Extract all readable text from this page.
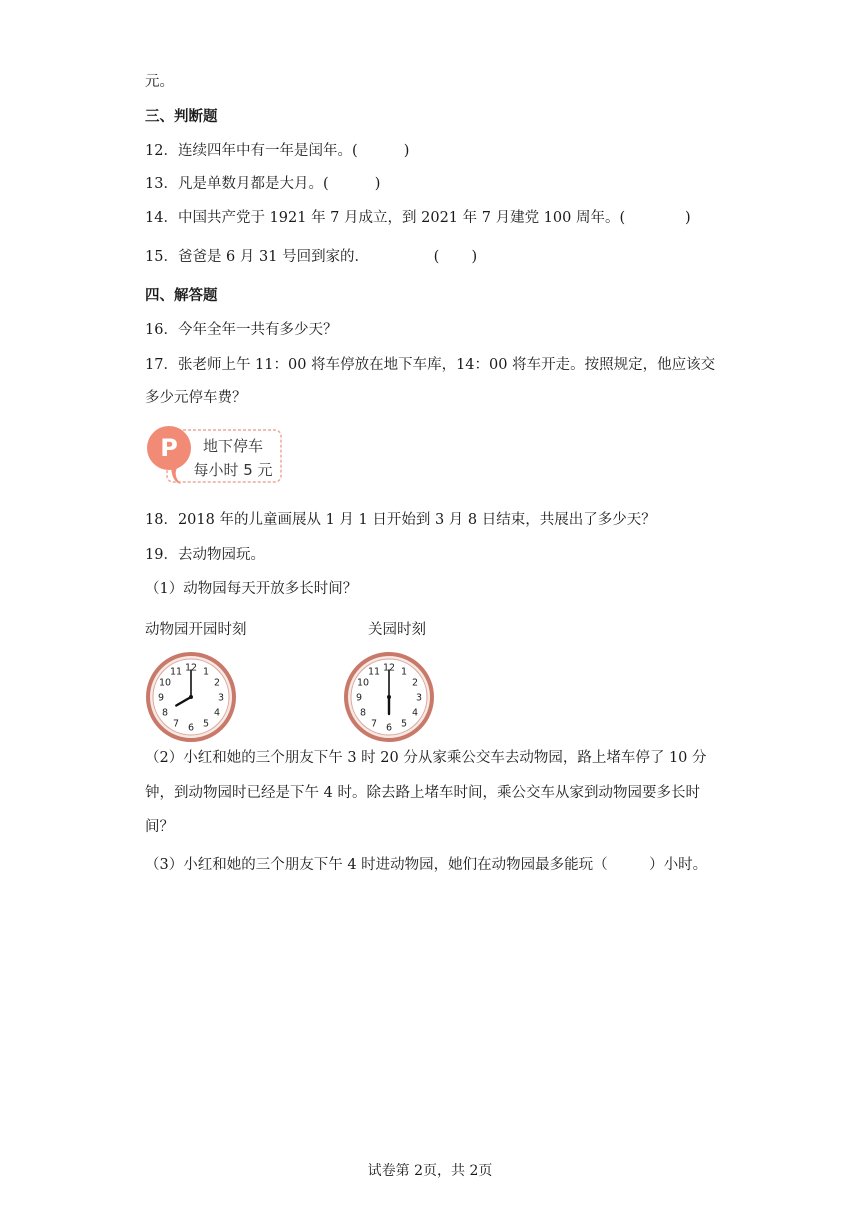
元。
三、判断题
12．连续四年中有一年是闰年。(          )
13．凡是单数月都是大月。(          )
14．中国共产党于 1921 年 7 月成立，到 2021 年 7 月建党 100 周年。(             )
15．爸爸是 6 月 31 号回到家的．              (       )
四、解答题
16．今年全年一共有多少天？
17．张老师上午 11：00 将车停放在地下车库，14：00 将车开走。按照规定，他应该交
多少元停车费？
P 地下停车
每小时 5 元
18．2018 年的儿童画展从 1 月 1 日开始到 3 月 8 日结束，共展出了多少天？
19．去动物园玩。
（1）动物园每天开放多长时间？
动物园开园时刻	关园时刻
12 1
2
3
4
5
6
7
8
9
10
11	12 1
2
3
4
5
6
7
8
9
10
11
（2）小红和她的三个朋友下午 3 时 20 分从家乘公交车去动物园，路上堵车停了 10 分
钟，到动物园时已经是下午 4 时。除去路上堵车时间，乘公交车从家到动物园要多长时
间？
（3）小红和她的三个朋友下午 4 时进动物园，她们在动物园最多能玩（         ）小时。
试卷第 2页，共 2页
